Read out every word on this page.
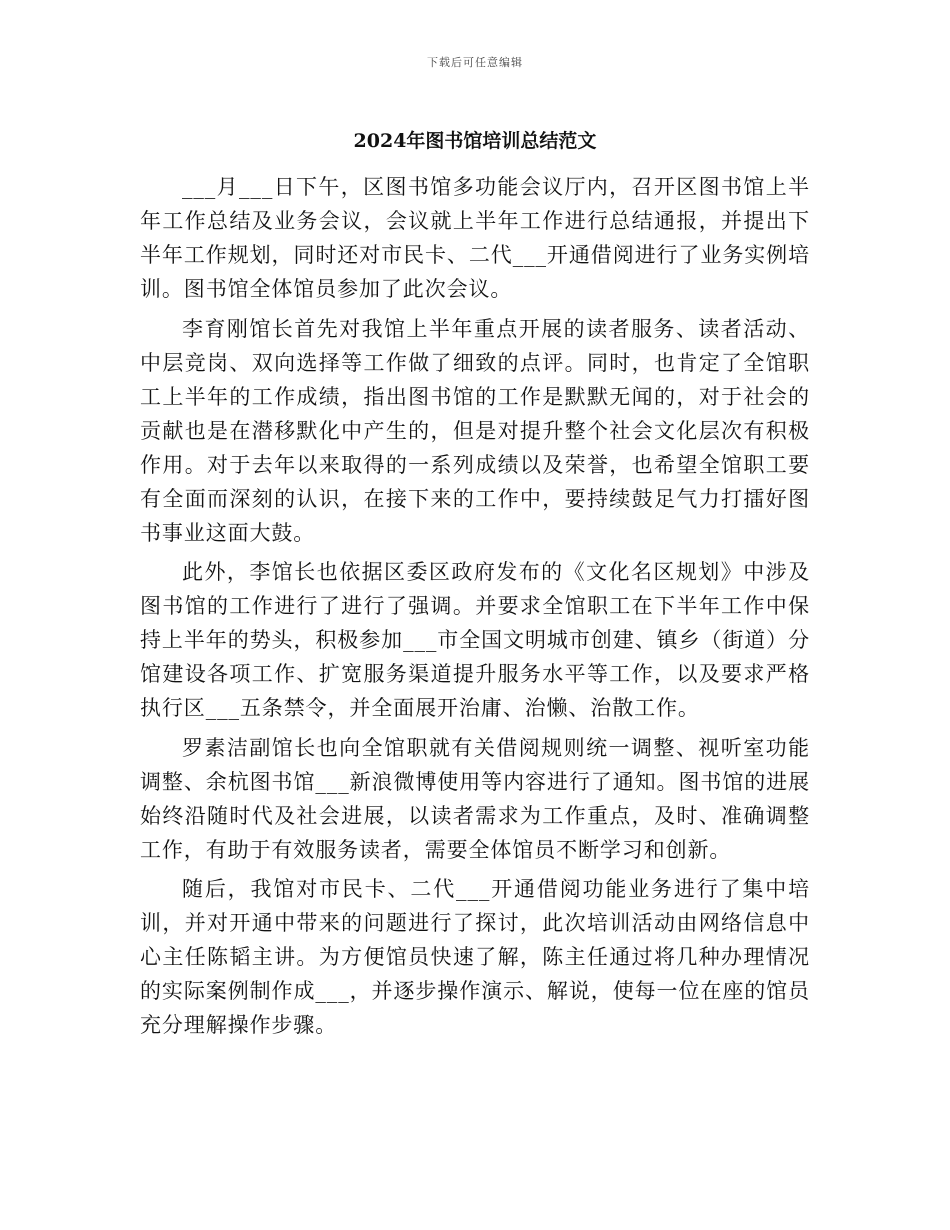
下载后可任意编辑
2024年图书馆培训总结范文

___月___日下午，区图书馆多功能会议厅内，召开区图书馆上半年工作总结及业务会议，会议就上半年工作进行总结通报，并提出下半年工作规划，同时还对市民卡、二代___开通借阅进行了业务实例培训。图书馆全体馆员参加了此次会议。

李育刚馆长首先对我馆上半年重点开展的读者服务、读者活动、中层竞岗、双向选择等工作做了细致的点评。同时，也肯定了全馆职工上半年的工作成绩，指出图书馆的工作是默默无闻的，对于社会的贡献也是在潜移默化中产生的，但是对提升整个社会文化层次有积极作用。对于去年以来取得的一系列成绩以及荣誉，也希望全馆职工要有全面而深刻的认识，在接下来的工作中，要持续鼓足气力打擂好图书事业这面大鼓。

此外，李馆长也依据区委区政府发布的《文化名区规划》中涉及图书馆的工作进行了进行了强调。并要求全馆职工在下半年工作中保持上半年的势头，积极参加___市全国文明城市创建、镇乡（街道）分馆建设各项工作、扩宽服务渠道提升服务水平等工作，以及要求严格执行区___五条禁令，并全面展开治庸、治懒、治散工作。

罗素洁副馆长也向全馆职就有关借阅规则统一调整、视听室功能调整、余杭图书馆___新浪微博使用等内容进行了通知。图书馆的进展始终沿随时代及社会进展，以读者需求为工作重点，及时、准确调整工作，有助于有效服务读者，需要全体馆员不断学习和创新。

随后，我馆对市民卡、二代___开通借阅功能业务进行了集中培训，并对开通中带来的问题进行了探讨，此次培训活动由网络信息中心主任陈韬主讲。为方便馆员快速了解，陈主任通过将几种办理情况的实际案例制作成___，并逐步操作演示、解说，使每一位在座的馆员充分理解操作步骤。
